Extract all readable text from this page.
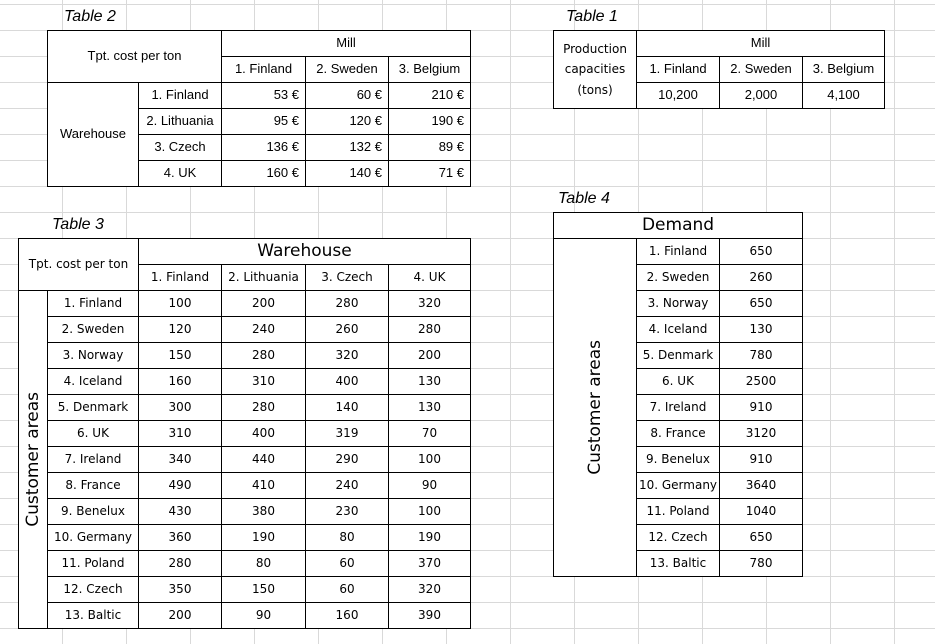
Table 2
Tpt. cost per ton
Mill
1. Finland	2. Sweden	3. Belgium
Warehouse
1. Finland	53 €	60 €	210 €
2. Lithuania	95 €	120 €	190 €
3. Czech	136 €	132 €	89 €
4. UK	160 €	140 €	71 €
Table 1
Production
capacities
(tons)
Mill
1. Finland	2. Sweden	3. Belgium
10,200	2,000	4,100
Table 3
Tpt. cost per ton
Warehouse
1. Finland	2. Lithuania	3. Czech	4. UK
Customer areas
1. Finland	100	200	280	320
2. Sweden	120	240	260	280
3. Norway	150	280	320	200
4. Iceland	160	310	400	130
5. Denmark	300	280	140	130
6. UK	310	400	319	70
7. Ireland	340	440	290	100
8. France	490	410	240	90
9. Benelux	430	380	230	100
10. Germany	360	190	80	190
11. Poland	280	80	60	370
12. Czech	350	150	60	320
13. Baltic	200	90	160	390
Table 4
Demand
Customer areas
1. Finland	650
2. Sweden	260
3. Norway	650
4. Iceland	130
5. Denmark	780
6. UK	2500
7. Ireland	910
8. France	3120
9. Benelux	910
10. Germany	3640
11. Poland	1040
12. Czech	650
13. Baltic	780
